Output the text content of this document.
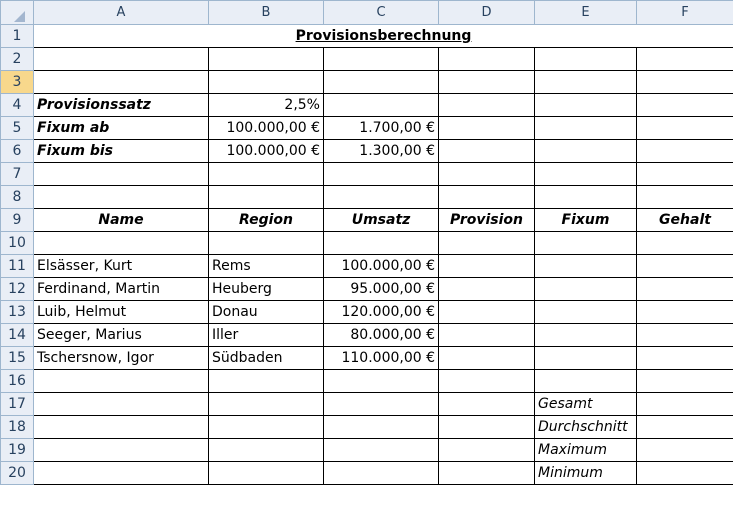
	A	B	C	D	E	F
1	Provisionsberechnung					
2						
3						
4	Provisionssatz	2,5%				
5	Fixum ab	100.000,00 €	1.700,00 €			
6	Fixum bis	100.000,00 €	1.300,00 €			
7						
8						
9	Name	Region	Umsatz	Provision	Fixum	Gehalt
10						
11	Elsässer, Kurt	Rems	100.000,00 €			
12	Ferdinand, Martin	Heuberg	95.000,00 €			
13	Luib, Helmut	Donau	120.000,00 €			
14	Seeger, Marius	Iller	80.000,00 €			
15	Tschersnow, Igor	Südbaden	110.000,00 €			
16						
17					Gesamt	
18					Durchschnitt	
19					Maximum	
20					Minimum	
